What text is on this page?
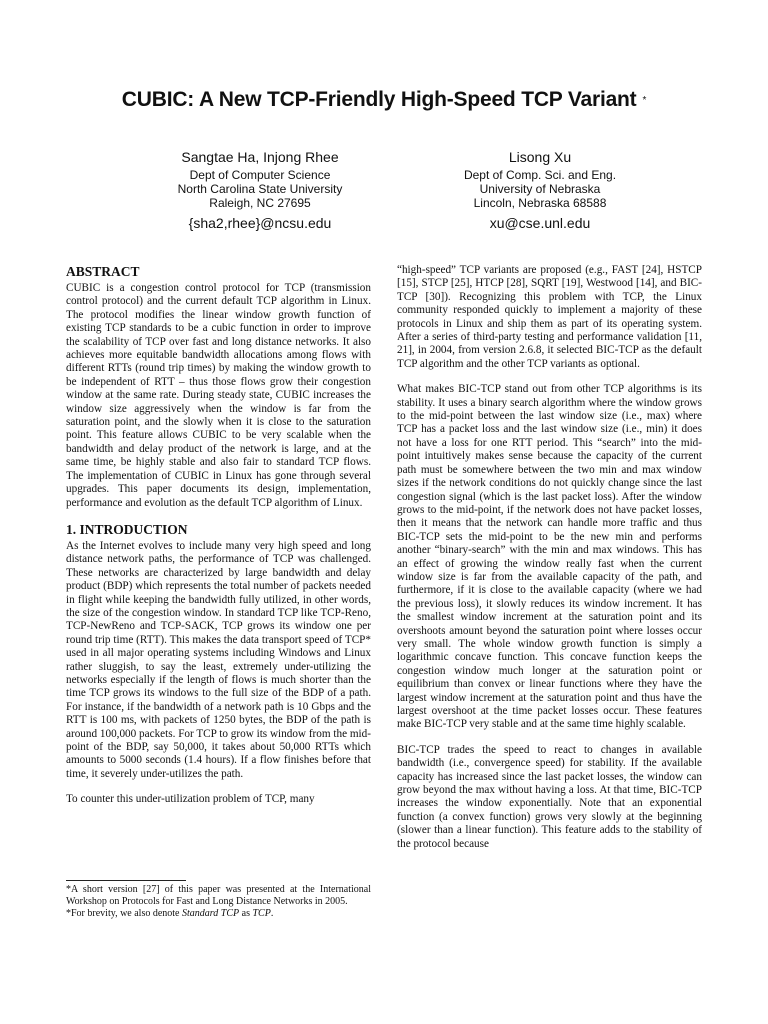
CUBIC: A New TCP-Friendly High-Speed TCP Variant *
Sangtae Ha, Injong Rhee
Dept of Computer Science
North Carolina State University
Raleigh, NC 27695
{sha2,rhee}@ncsu.edu
Lisong Xu
Dept of Comp. Sci. and Eng.
University of Nebraska
Lincoln, Nebraska 68588
xu@cse.unl.edu
ABSTRACT

CUBIC is a congestion control protocol for TCP (transmission control protocol) and the current default TCP algorithm in Linux. The protocol modifies the linear window growth function of existing TCP standards to be a cubic function in order to improve the scalability of TCP over fast and long distance networks. It also achieves more equitable bandwidth allocations among flows with different RTTs (round trip times) by making the window growth to be independent of RTT – thus those flows grow their congestion window at the same rate. During steady state, CUBIC increases the window size aggressively when the window is far from the saturation point, and the slowly when it is close to the saturation point. This feature allows CUBIC to be very scalable when the bandwidth and delay product of the network is large, and at the same time, be highly stable and also fair to standard TCP flows. The implementation of CUBIC in Linux has gone through several upgrades. This paper documents its design, implementation, performance and evolution as the default TCP algorithm of Linux.

1. INTRODUCTION

As the Internet evolves to include many very high speed and long distance network paths, the performance of TCP was challenged. These networks are characterized by large bandwidth and delay product (BDP) which represents the total number of packets needed in flight while keeping the bandwidth fully utilized, in other words, the size of the congestion window. In standard TCP like TCP-Reno, TCP-NewReno and TCP-SACK, TCP grows its window one per round trip time (RTT). This makes the data transport speed of TCP* used in all major operating systems including Windows and Linux rather sluggish, to say the least, extremely under-utilizing the networks especially if the length of flows is much shorter than the time TCP grows its windows to the full size of the BDP of a path. For instance, if the bandwidth of a network path is 10 Gbps and the RTT is 100 ms, with packets of 1250 bytes, the BDP of the path is around 100,000 packets. For TCP to grow its window from the mid-point of the BDP, say 50,000, it takes about 50,000 RTTs which amounts to 5000 seconds (1.4 hours). If a flow finishes before that time, it severely under-utilizes the path.

To counter this under-utilization problem of TCP, many

*A short version [27] of this paper was presented at the International Workshop on Protocols for Fast and Long Distance Networks in 2005.

*For brevity, we also denote Standard TCP as TCP.

“high-speed” TCP variants are proposed (e.g., FAST [24], HSTCP [15], STCP [25], HTCP [28], SQRT [19], Westwood [14], and BIC-TCP [30]). Recognizing this problem with TCP, the Linux community responded quickly to implement a majority of these protocols in Linux and ship them as part of its operating system. After a series of third-party testing and performance validation [11, 21], in 2004, from version 2.6.8, it selected BIC-TCP as the default TCP algorithm and the other TCP variants as optional.

What makes BIC-TCP stand out from other TCP algorithms is its stability. It uses a binary search algorithm where the window grows to the mid-point between the last window size (i.e., max) where TCP has a packet loss and the last window size (i.e., min) it does not have a loss for one RTT period. This “search” into the mid-point intuitively makes sense because the capacity of the current path must be somewhere between the two min and max window sizes if the network conditions do not quickly change since the last congestion signal (which is the last packet loss). After the window grows to the mid-point, if the network does not have packet losses, then it means that the network can handle more traffic and thus BIC-TCP sets the mid-point to be the new min and performs another “binary-search” with the min and max windows. This has an effect of growing the window really fast when the current window size is far from the available capacity of the path, and furthermore, if it is close to the available capacity (where we had the previous loss), it slowly reduces its window increment. It has the smallest window increment at the saturation point and its overshoots amount beyond the saturation point where losses occur very small. The whole window growth function is simply a logarithmic concave function. This concave function keeps the congestion window much longer at the saturation point or equilibrium than convex or linear functions where they have the largest window increment at the saturation point and thus have the largest overshoot at the time packet losses occur. These features make BIC-TCP very stable and at the same time highly scalable.

BIC-TCP trades the speed to react to changes in available bandwidth (i.e., convergence speed) for stability. If the available capacity has increased since the last packet losses, the window can grow beyond the max without having a loss. At that time, BIC-TCP increases the window exponentially. Note that an exponential function (a convex function) grows very slowly at the beginning (slower than a linear function). This feature adds to the stability of the protocol because
